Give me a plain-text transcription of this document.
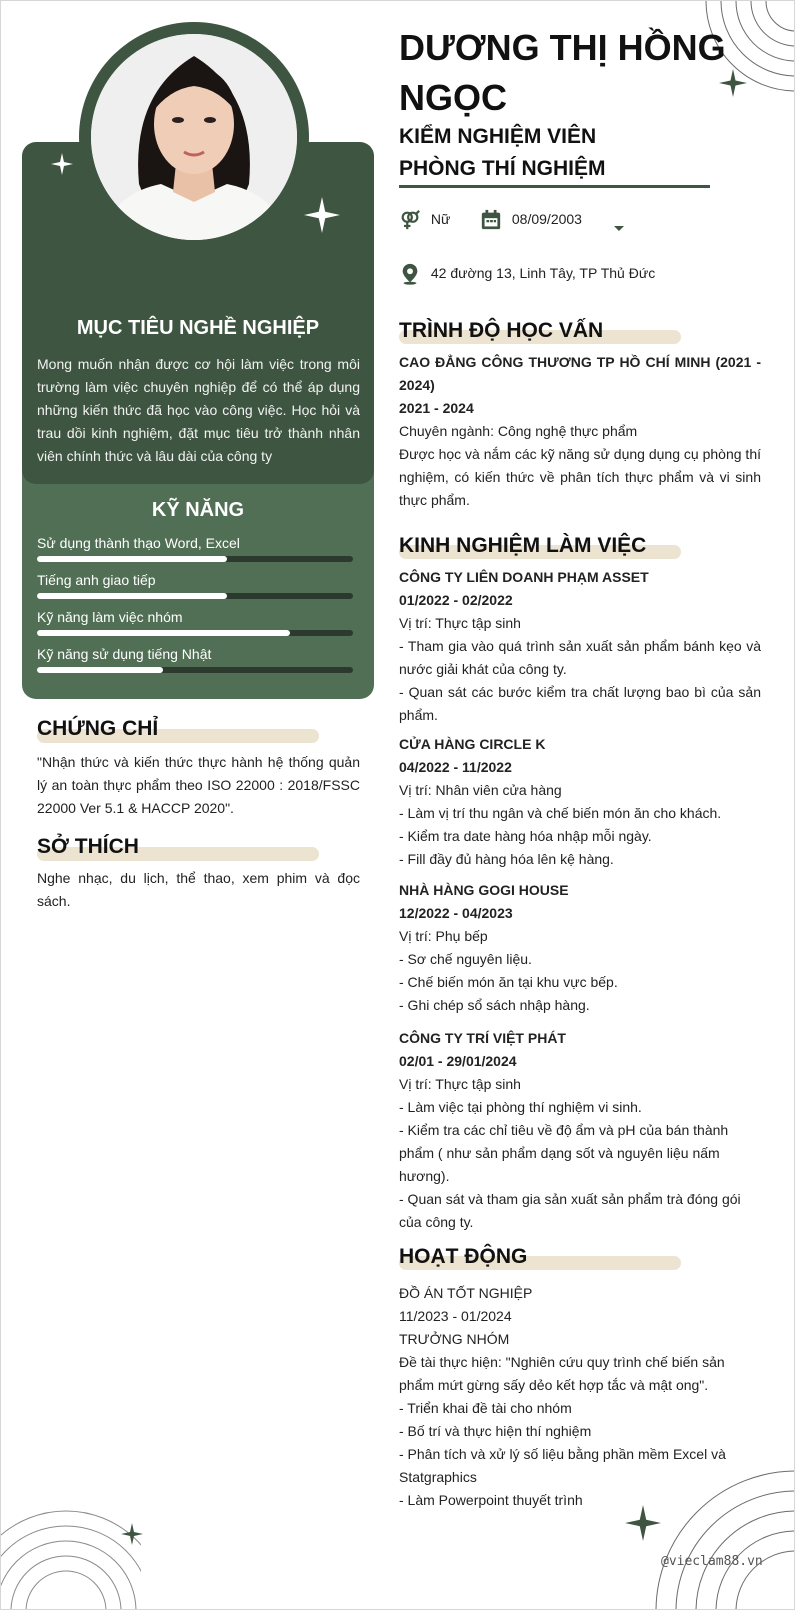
MỤC TIÊU NGHỀ NGHIỆP
Mong muốn nhận được cơ hội làm việc trong môi trường làm việc chuyên nghiệp để có thể áp dụng những kiến thức đã học vào công việc. Học hỏi và trau dồi kinh nghiệm, đặt mục tiêu trở thành nhân viên chính thức và lâu dài của công ty
KỸ NĂNG
Sử dụng thành thạo Word, Excel
Tiếng anh giao tiếp
Kỹ năng làm việc nhóm
Kỹ năng sử dụng tiếng Nhật
CHỨNG CHỈ
"Nhận thức và kiến thức thực hành hệ thống quản lý an toàn thực phẩm theo ISO 22000 : 2018/FSSC 22000 Ver 5.1 & HACCP 2020".
SỞ THÍCH
Nghe nhạc, du lịch, thể thao, xem phim và đọc sách.
DƯƠNG THỊ HỒNG NGỌC
KIỂM NGHIỆM VIÊN
PHÒNG THÍ NGHIỆM
Nữ	08/09/2003
42 đường 13, Linh Tây, TP Thủ Đức
TRÌNH ĐỘ HỌC VẤN
CAO ĐẲNG CÔNG THƯƠNG TP HỒ CHÍ MINH (2021 - 2024)
2021 - 2024
Chuyên ngành: Công nghệ thực phẩm
Được học và nắm các kỹ năng sử dụng dụng cụ phòng thí nghiệm, có kiến thức về phân tích thực phẩm và vi sinh thực phẩm.
KINH NGHIỆM LÀM VIỆC
CÔNG TY LIÊN DOANH PHẠM ASSET
01/2022 - 02/2022
Vị trí: Thực tập sinh
- Tham gia vào quá trình sản xuất sản phẩm bánh kẹo và nước giải khát của công ty.
- Quan sát các bước kiểm tra chất lượng bao bì của sản phẩm.
CỬA HÀNG CIRCLE K
04/2022 - 11/2022
Vị trí: Nhân viên cửa hàng
- Làm vị trí thu ngân và chế biến món ăn cho khách.
- Kiểm tra date hàng hóa nhập mỗi ngày.
- Fill đầy đủ hàng hóa lên kệ hàng.
NHÀ HÀNG GOGI HOUSE
12/2022 - 04/2023
Vị trí: Phụ bếp
- Sơ chế nguyên liệu.
- Chế biến món ăn tại khu vực bếp.
- Ghi chép sổ sách nhập hàng.
CÔNG TY TRÍ VIỆT PHÁT
02/01 - 29/01/2024
Vị trí: Thực tập sinh
- Làm việc tại phòng thí nghiệm vi sinh.
- Kiểm tra các chỉ tiêu về độ ẩm và pH của bán thành phẩm ( như sản phẩm dạng sốt và nguyên liệu nấm hương).
- Quan sát và tham gia sản xuất sản phẩm trà đóng gói của công ty.
HOẠT ĐỘNG
ĐỒ ÁN TỐT NGHIỆP
11/2023 - 01/2024
TRƯỞNG NHÓM
Đề tài thực hiện: "Nghiên cứu quy trình chế biến sản phẩm mứt gừng sấy dẻo kết hợp tắc và mật ong".
- Triển khai đề tài cho nhóm
- Bố trí và thực hiện thí nghiệm
- Phân tích và xử lý số liệu bằng phần mềm Excel và Statgraphics
- Làm Powerpoint thuyết trình
@vieclam88.vn
